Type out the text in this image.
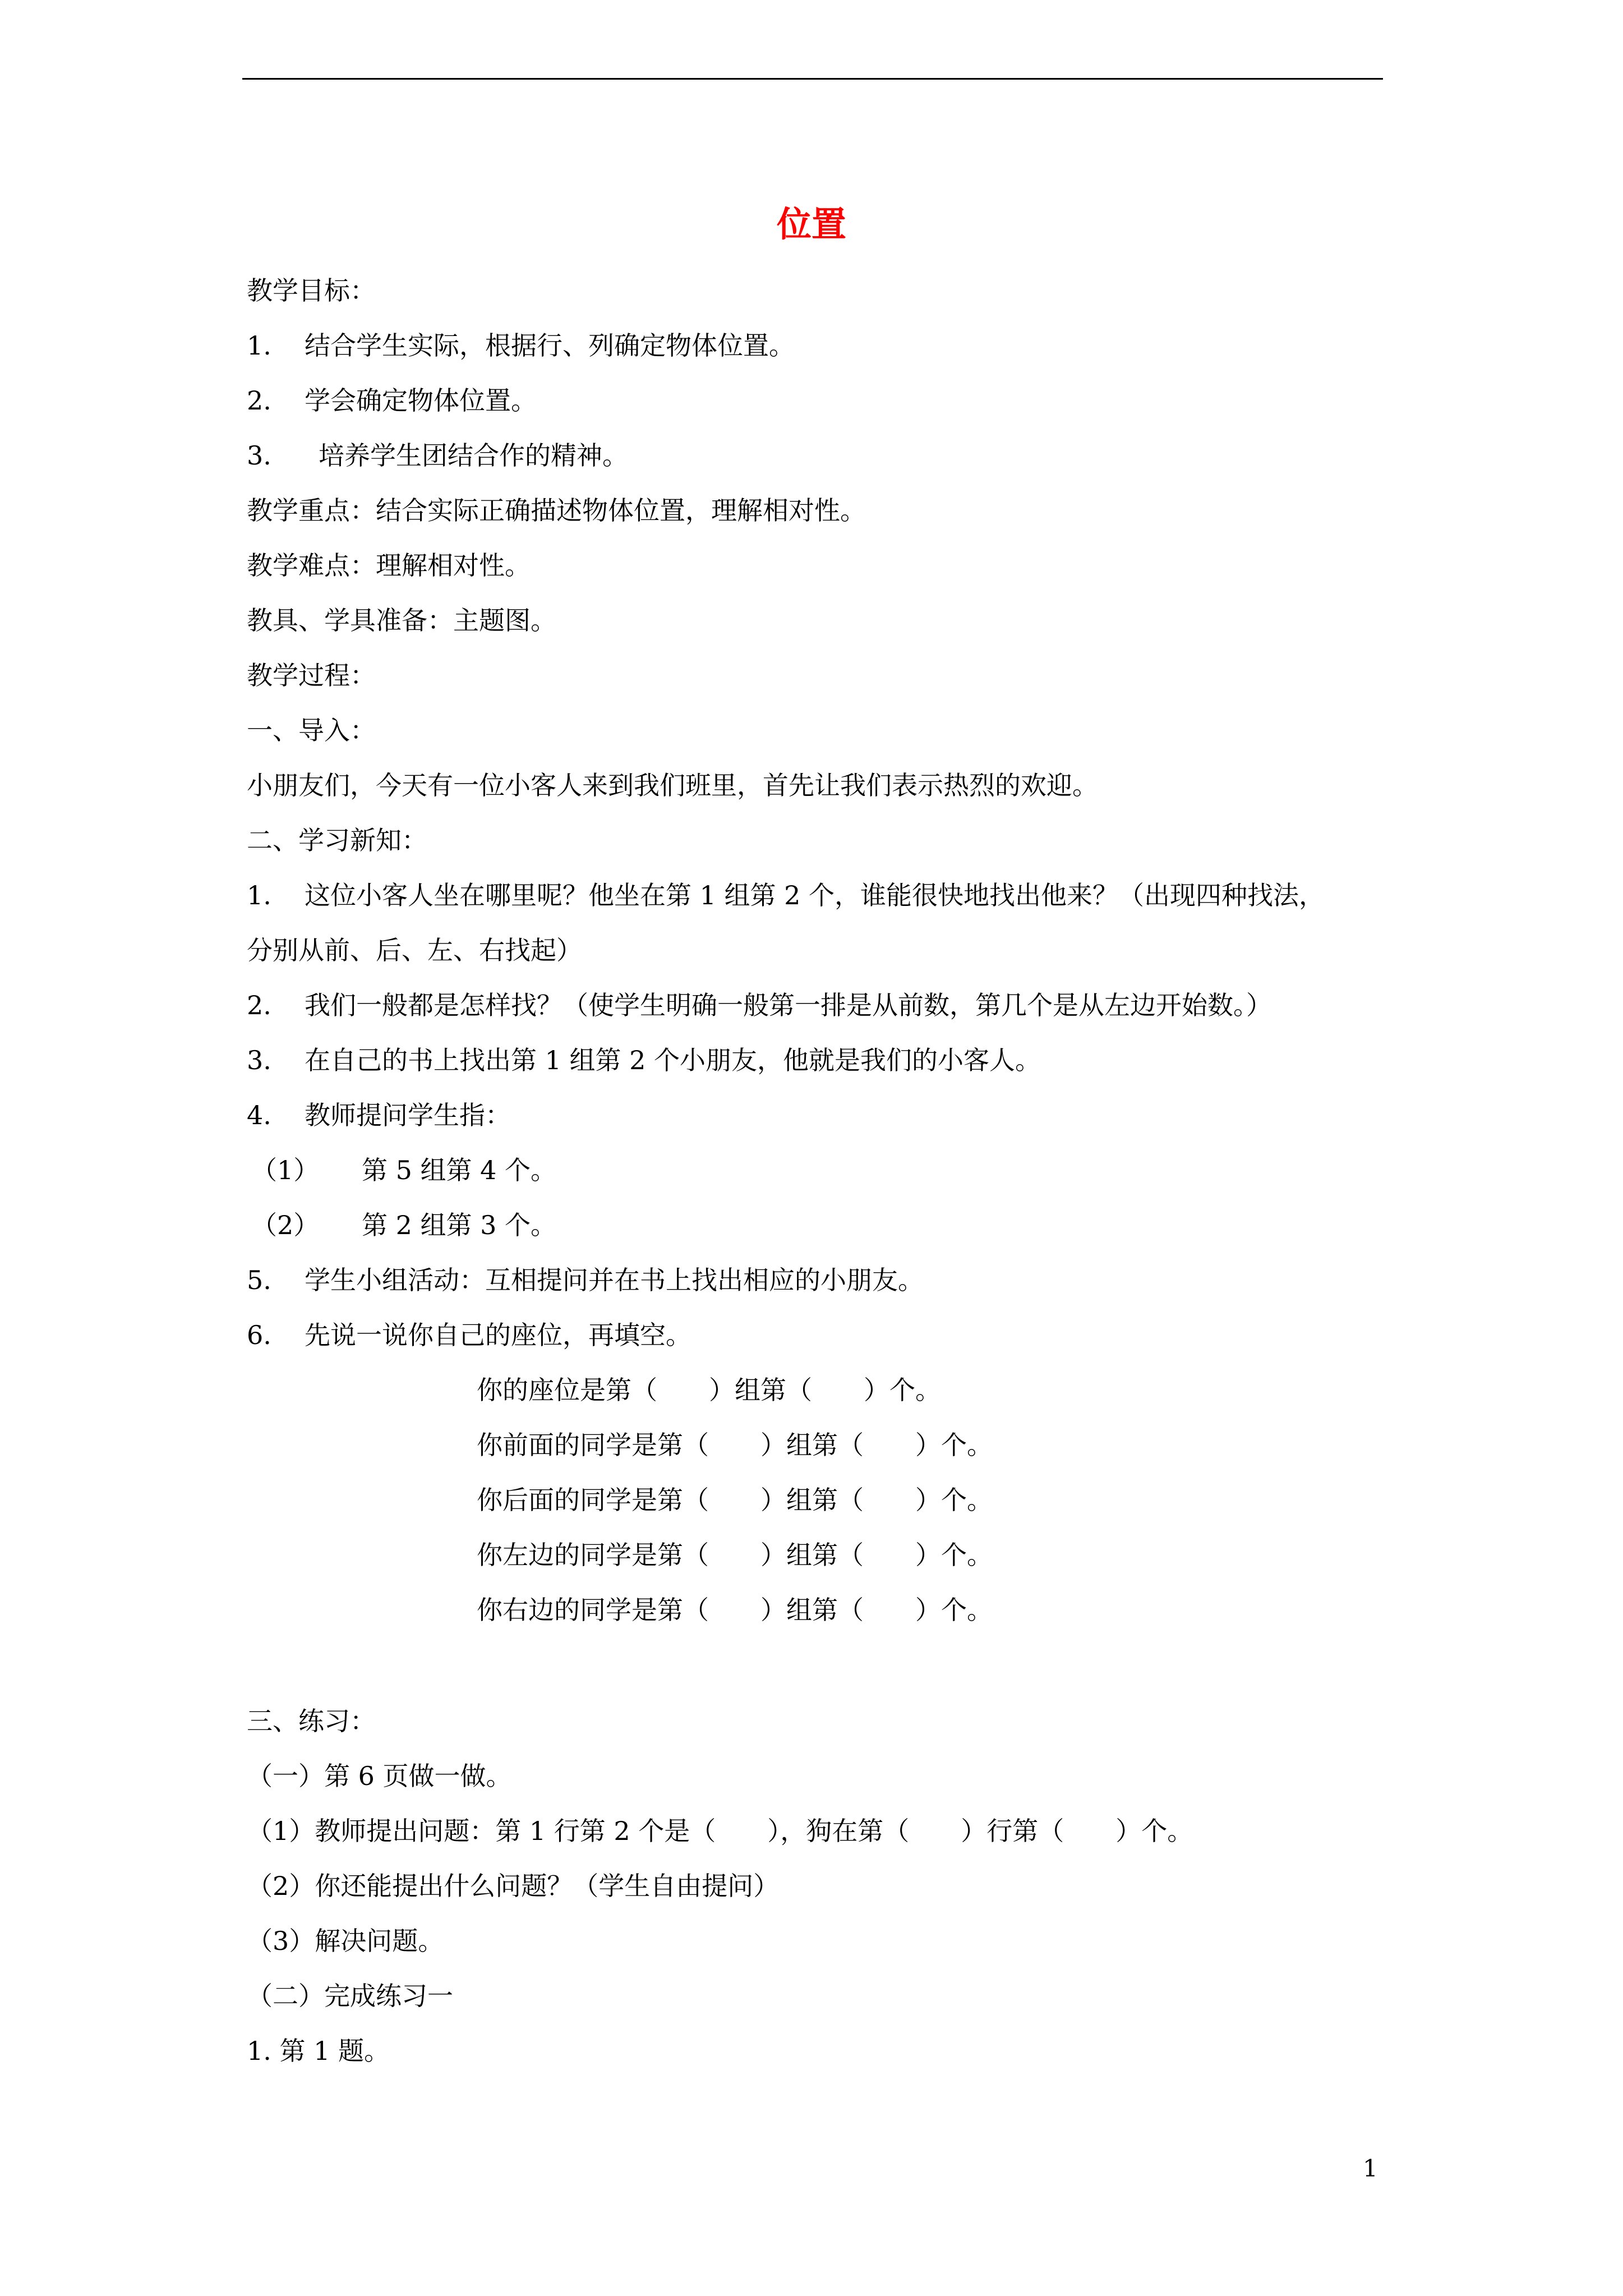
位置
教学目标：
1. 结合学生实际，根据行、列确定物体位置。
2. 学会确定物体位置。
3. 培养学生团结合作的精神。
教学重点：结合实际正确描述物体位置，理解相对性。
教学难点：理解相对性。
教具、学具准备：主题图。
教学过程：
一、导入：
小朋友们，今天有一位小客人来到我们班里，首先让我们表示热烈的欢迎。
二、学习新知：
1. 这位小客人坐在哪里呢？他坐在第 1 组第 2 个，谁能很快地找出他来？（出现四种找法，
分别从前、后、左、右找起）
2. 我们一般都是怎样找？（使学生明确一般第一排是从前数，第几个是从左边开始数。）
3. 在自己的书上找出第 1 组第 2 个小朋友，他就是我们的小客人。
4. 教师提问学生指：
（1） 第 5 组第 4 个。
（2） 第 2 组第 3 个。
5. 学生小组活动：互相提问并在书上找出相应的小朋友。
6. 先说一说你自己的座位，再填空。
你的座位是第（　　）组第（　　）个。
你前面的同学是第（　　）组第（　　）个。
你后面的同学是第（　　）组第（　　）个。
你左边的同学是第（　　）组第（　　）个。
你右边的同学是第（　　）组第（　　）个。
三、练习：
（一）第 6 页做一做。
（1）教师提出问题：第 1 行第 2 个是（　　），狗在第（　　）行第（　　）个。
（2）你还能提出什么问题？（学生自由提问）
（3）解决问题。
（二）完成练习一
1. 第 1 题。
1
